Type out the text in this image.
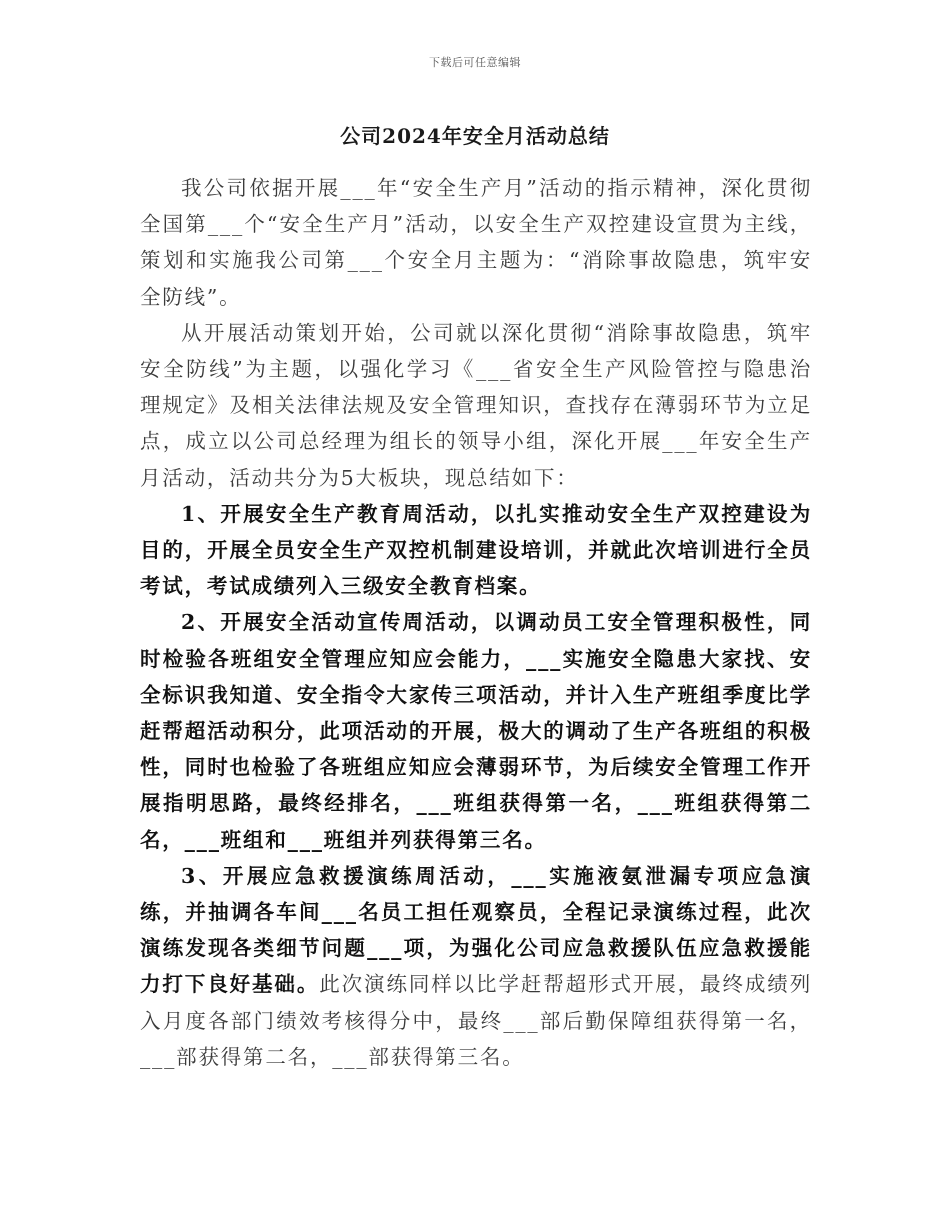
下载后可任意编辑
公司2024年安全月活动总结

我公司依据开展___年“安全生产月”活动的指示精神，深化贯彻全国第___个“安全生产月”活动，以安全生产双控建设宣贯为主线，策划和实施我公司第___个安全月主题为：“消除事故隐患，筑牢安全防线”。

从开展活动策划开始，公司就以深化贯彻“消除事故隐患，筑牢安全防线”为主题，以强化学习《___省安全生产风险管控与隐患治理规定》及相关法律法规及安全管理知识，查找存在薄弱环节为立足点，成立以公司总经理为组长的领导小组，深化开展___年安全生产月活动，活动共分为5大板块，现总结如下：

1、开展安全生产教育周活动，以扎实推动安全生产双控建设为目的，开展全员安全生产双控机制建设培训，并就此次培训进行全员考试，考试成绩列入三级安全教育档案。

2、开展安全活动宣传周活动，以调动员工安全管理积极性，同时检验各班组安全管理应知应会能力，___实施安全隐患大家找、安全标识我知道、安全指令大家传三项活动，并计入生产班组季度比学赶帮超活动积分，此项活动的开展，极大的调动了生产各班组的积极性，同时也检验了各班组应知应会薄弱环节，为后续安全管理工作开展指明思路，最终经排名，___班组获得第一名，___班组获得第二名，___班组和___班组并列获得第三名。

3、开展应急救援演练周活动，___实施液氨泄漏专项应急演练，并抽调各车间___名员工担任观察员，全程记录演练过程，此次演练发现各类细节问题___项，为强化公司应急救援队伍应急救援能力打下良好基础。此次演练同样以比学赶帮超形式开展，最终成绩列入月度各部门绩效考核得分中，最终___部后勤保障组获得第一名，___部获得第二名，___部获得第三名。
